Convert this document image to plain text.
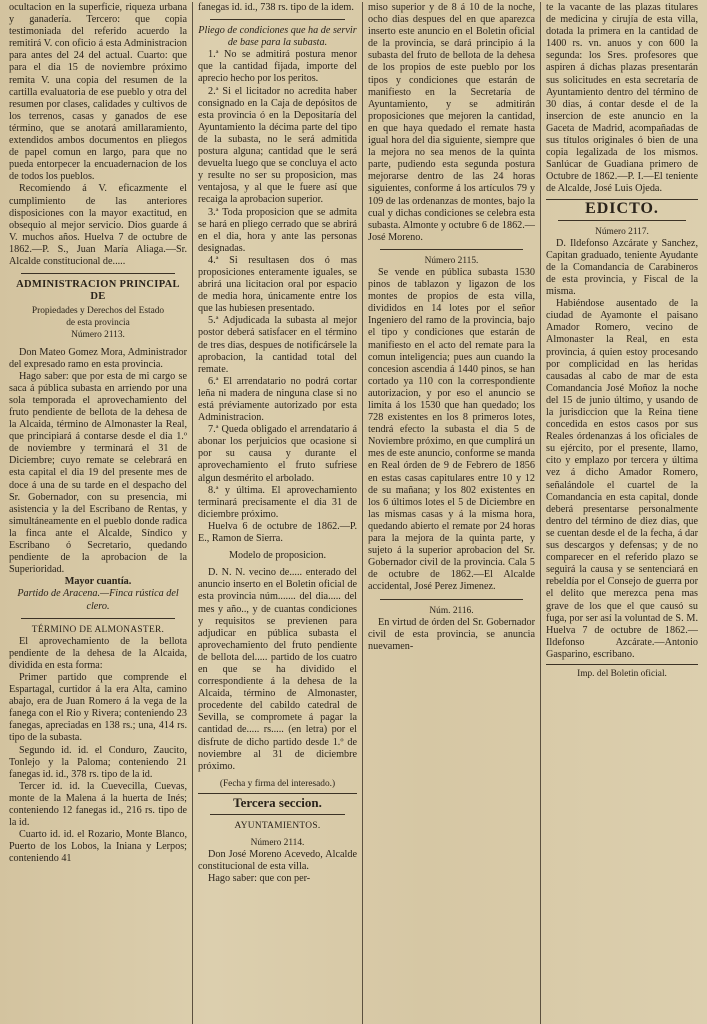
ocultacion en la superficie, riqueza urbana y ganadería. Tercero: que copia testimoniada del referido acuerdo la remitirá V. con oficio á esta Administracion para antes del 24 del actual. Cuarto: que para el dia 15 de noviembre próximo remita V. una copia del resumen de la cartilla evaluatoria de ese pueblo y otra del resumen por clases, calidades y cultivos de los terrenos, casas y ganados de ese término, que se anotará amillaramiento, extendidos ambos documentos en pliegos de papel comun en largo, para que no pueda entorpecer la encuadernacion de los de todos los pueblos.

Recomiendo á V. eficazmente el cumplimiento de las anteriores disposiciones con la mayor exactitud, en obsequio al mejor servicio. Dios guarde á V. muchos años. Huelva 7 de octubre de 1862.—P. S., Juan María Aliaga.—Sr. Alcalde constitucional de.....

ADMINISTRACION PRINCIPAL DE
Propiedades y Derechos del Estado
de esta provincia
Número 2113.

Don Mateo Gomez Mora, Administrador del expresado ramo en esta provincia.

Hago saber: que por esta de mi cargo se saca á pública subasta en arriendo por una sola temporada el aprovechamiento del fruto pendiente de bellota de la dehesa de la Alcaida, término de Almonaster la Real, que principiará á contarse desde el dia 1.º de noviembre y terminará el 31 de Diciembre; cuyo remate se celebrará en esta capital el dia 19 del presente mes de doce á una de su tarde en el despacho del Sr. Gobernador, con su presencia, mi asistencia y la del Escribano de Rentas, y simultáneamente en el pueblo donde radica la finca ante el Alcalde, Síndico y Escribano ó Secretario, quedando pendiente de la aprobacion de la Superioridad.

Mayor cuantía.
Partido de Aracena.—Finca rústica del clero.
TÉRMINO DE ALMONASTER.

El aprovechamiento de la bellota pendiente de la dehesa de la Alcaida, dividida en esta forma:

Primer partido que comprende el Espartagal, curtidor á la era Alta, camino abajo, era de Juan Romero á la vega de la fanega con el Rio y Rivera; conteniendo 23 fanegas, apreciadas en 138 rs.; una, 414 rs. tipo de la subasta.

Segundo id. id. el Conduro, Zaucito, Tonlejo y la Paloma; conteniendo 21 fanegas id. id., 378 rs. tipo de la id.

Tercer id. id. la Cuevecilla, Cuevas, monte de la Malena á la huerta de Inés; conteniendo 12 fanegas id., 216 rs. tipo de la id.

Cuarto id. id. el Rozario, Monte Blanco, Puerto de los Lobos, la Iniana y Lerpos; conteniendo 41

fanegas id. id., 738 rs. tipo de la idem.

Pliego de condiciones que ha de servir de base para la subasta.

1.ª No se admitirá postura menor que la cantidad fijada, importe del aprecio hecho por los peritos.

2.ª Si el licitador no acredita haber consignado en la Caja de depósitos de esta provincia ó en la Depositaría del Ayuntamiento la décima parte del tipo de la subasta, no le será admitida postura alguna; cantidad que le será devuelta luego que se concluya el acto y resulte no ser su proposicion, mas ventajosa, y al que le fuere así que recaiga la aprobacion superior.

3.ª Toda proposicion que se admita se hará en pliego cerrado que se abrirá en el dia, hora y ante las personas designadas.

4.ª Si resultasen dos ó mas proposiciones enteramente iguales, se abrirá una licitacion oral por espacio de media hora, únicamente entre los que las hubiesen presentado.

5.ª Adjudicada la subasta al mejor postor deberá satisfacer en el término de tres dias, despues de notificársele la aprobacion, la cantidad total del remate.

6.ª El arrendatario no podrá cortar leña ni madera de ninguna clase si no está préviamente autorizado por esta Administracion.

7.ª Queda obligado el arrendatario á abonar los perjuicios que ocasione si por su causa y durante el aprovechamiento el fruto sufriese algun desmérito el arbolado.

8.ª y última. El aprovechamiento terminará precisamente el dia 31 de diciembre próximo.

Huelva 6 de octubre de 1862.—P. E., Ramon de Sierra.

Modelo de proposicion.

D. N. N. vecino de..... enterado del anuncio inserto en el Boletin oficial de esta provincia núm....... del dia..... del mes y año.., y de cuantas condiciones y requisitos se previenen para adjudicar en pública subasta el aprovechamiento del fruto pendiente de bellota del..... partido de los cuatro en que se ha dividido el correspondiente á la dehesa de la Alcaida, término de Almonaster, procedente del cabildo catedral de Sevilla, se compromete á pagar la cantidad de..... rs..... (en letra) por el disfrute de dicho partido desde 1.º de noviembre al 31 de diciembre próximo.

(Fecha y firma del interesado.)
Tercera seccion.
AYUNTAMIENTOS.
Número 2114.

Don José Moreno Acevedo, Alcalde constitucional de esta villa.

Hago saber: que con per-

miso superior y de 8 á 10 de la noche, ocho dias despues del en que aparezca inserto este anuncio en el Boletin oficial de la provincia, se dará principio á la subasta del fruto de bellota de la dehesa de los propios de este pueblo por los tipos y condiciones que estarán de manifiesto en la Secretaría de Ayuntamiento, y se admitirán proposiciones que mejoren la cantidad, en que haya quedado el remate hasta igual hora del dia siguiente, siempre que la mejora no sea menos de la quinta parte, pudiendo esta segunda postura mejorarse dentro de las 24 horas siguientes, conforme á los artículos 79 y 109 de las ordenanzas de montes, bajo la cual y dichas condiciones se celebra esta subasta. Almonte y octubre 6 de 1862.—José Moreno.

Número 2115.

Se vende en pública subasta 1530 pinos de tablazon y ligazon de los montes de propios de esta villa, divididos en 14 lotes por el señor Ingeniero del ramo de la provincia, bajo el tipo y condiciones que estarán de manifiesto en el acto del remate para la comun inteligencia; pues aun cuando la concesion ascendia á 1440 pinos, se han cortado ya 110 con la correspondiente autorizacion, y por eso el anuncio se limita á los 1530 que han quedado; los 728 existentes en los 8 primeros lotes, tendrá efecto la subasta el dia 5 de Noviembre próximo, en que cumplirá un mes de este anuncio, conforme se manda en Real órden de 9 de Febrero de 1856 en estas casas capitulares entre 10 y 12 de su mañana; y los 802 existentes en los 6 últimos lotes el 5 de Diciembre en las mismas casas y á la misma hora, quedando abierto el remate por 24 horas para la mejora de la quinta parte, y sujeto á la superior aprobacion del Sr. Gobernador civil de la provincia. Cala 5 de octubre de 1862.—El Alcalde accidental, José Perez Jimenez.

Núm. 2116.

En virtud de órden del Sr. Gobernador civil de esta provincia, se anuncia nuevamen-

te la vacante de las plazas titulares de medicina y cirujía de esta villa, dotada la primera en la cantidad de 1400 rs. vn. anuos y con 600 la segunda: los Sres. profesores que aspiren á dichas plazas presentarán sus solicitudes en esta secretaría de Ayuntamiento dentro del término de 30 dias, á contar desde el de la insercion de este anuncio en la Gaceta de Madrid, acompañadas de sus títulos originales ó bien de una copia legalizada de los mismos. Sanlúcar de Guadiana primero de Octubre de 1862.—P. I.—El teniente de Alcalde, José Luis Ojeda.

EDICTO.
Número 2117.

D. Ildefonso Azcárate y Sanchez, Capitan graduado, teniente Ayudante de la Comandancia de Carabineros de esta provincia, y Fiscal de la misma.

Habiéndose ausentado de la ciudad de Ayamonte el paisano Amador Romero, vecino de Almonaster la Real, en esta provincia, á quien estoy procesando por complicidad en las heridas causadas al cabo de mar de esta Comandancia José Moñoz la noche del 15 de junio último, y usando de la jurisdiccion que la Reina tiene concedida en estos casos por sus Reales órdenanzas á los oficiales de su ejército, por el presente, llamo, cito y emplazo por tercera y última vez á dicho Amador Romero, señalándole el cuartel de la Comandancia en esta capital, donde deberá presentarse personalmente dentro del término de diez dias, que se cuentan desde el de la fecha, á dar sus descargos y defensas; y de no comparecer en el referido plazo se seguirá la causa y se sentenciará en rebeldía por el Consejo de guerra por el delito que merezca pena mas grave de los que el que causó su fuga, por ser así la voluntad de S. M. Huelva 7 de octubre de 1862.—Ildefonso Azcárate.—Antonio Gasparino, escribano.

Imp. del Boletin oficial.
